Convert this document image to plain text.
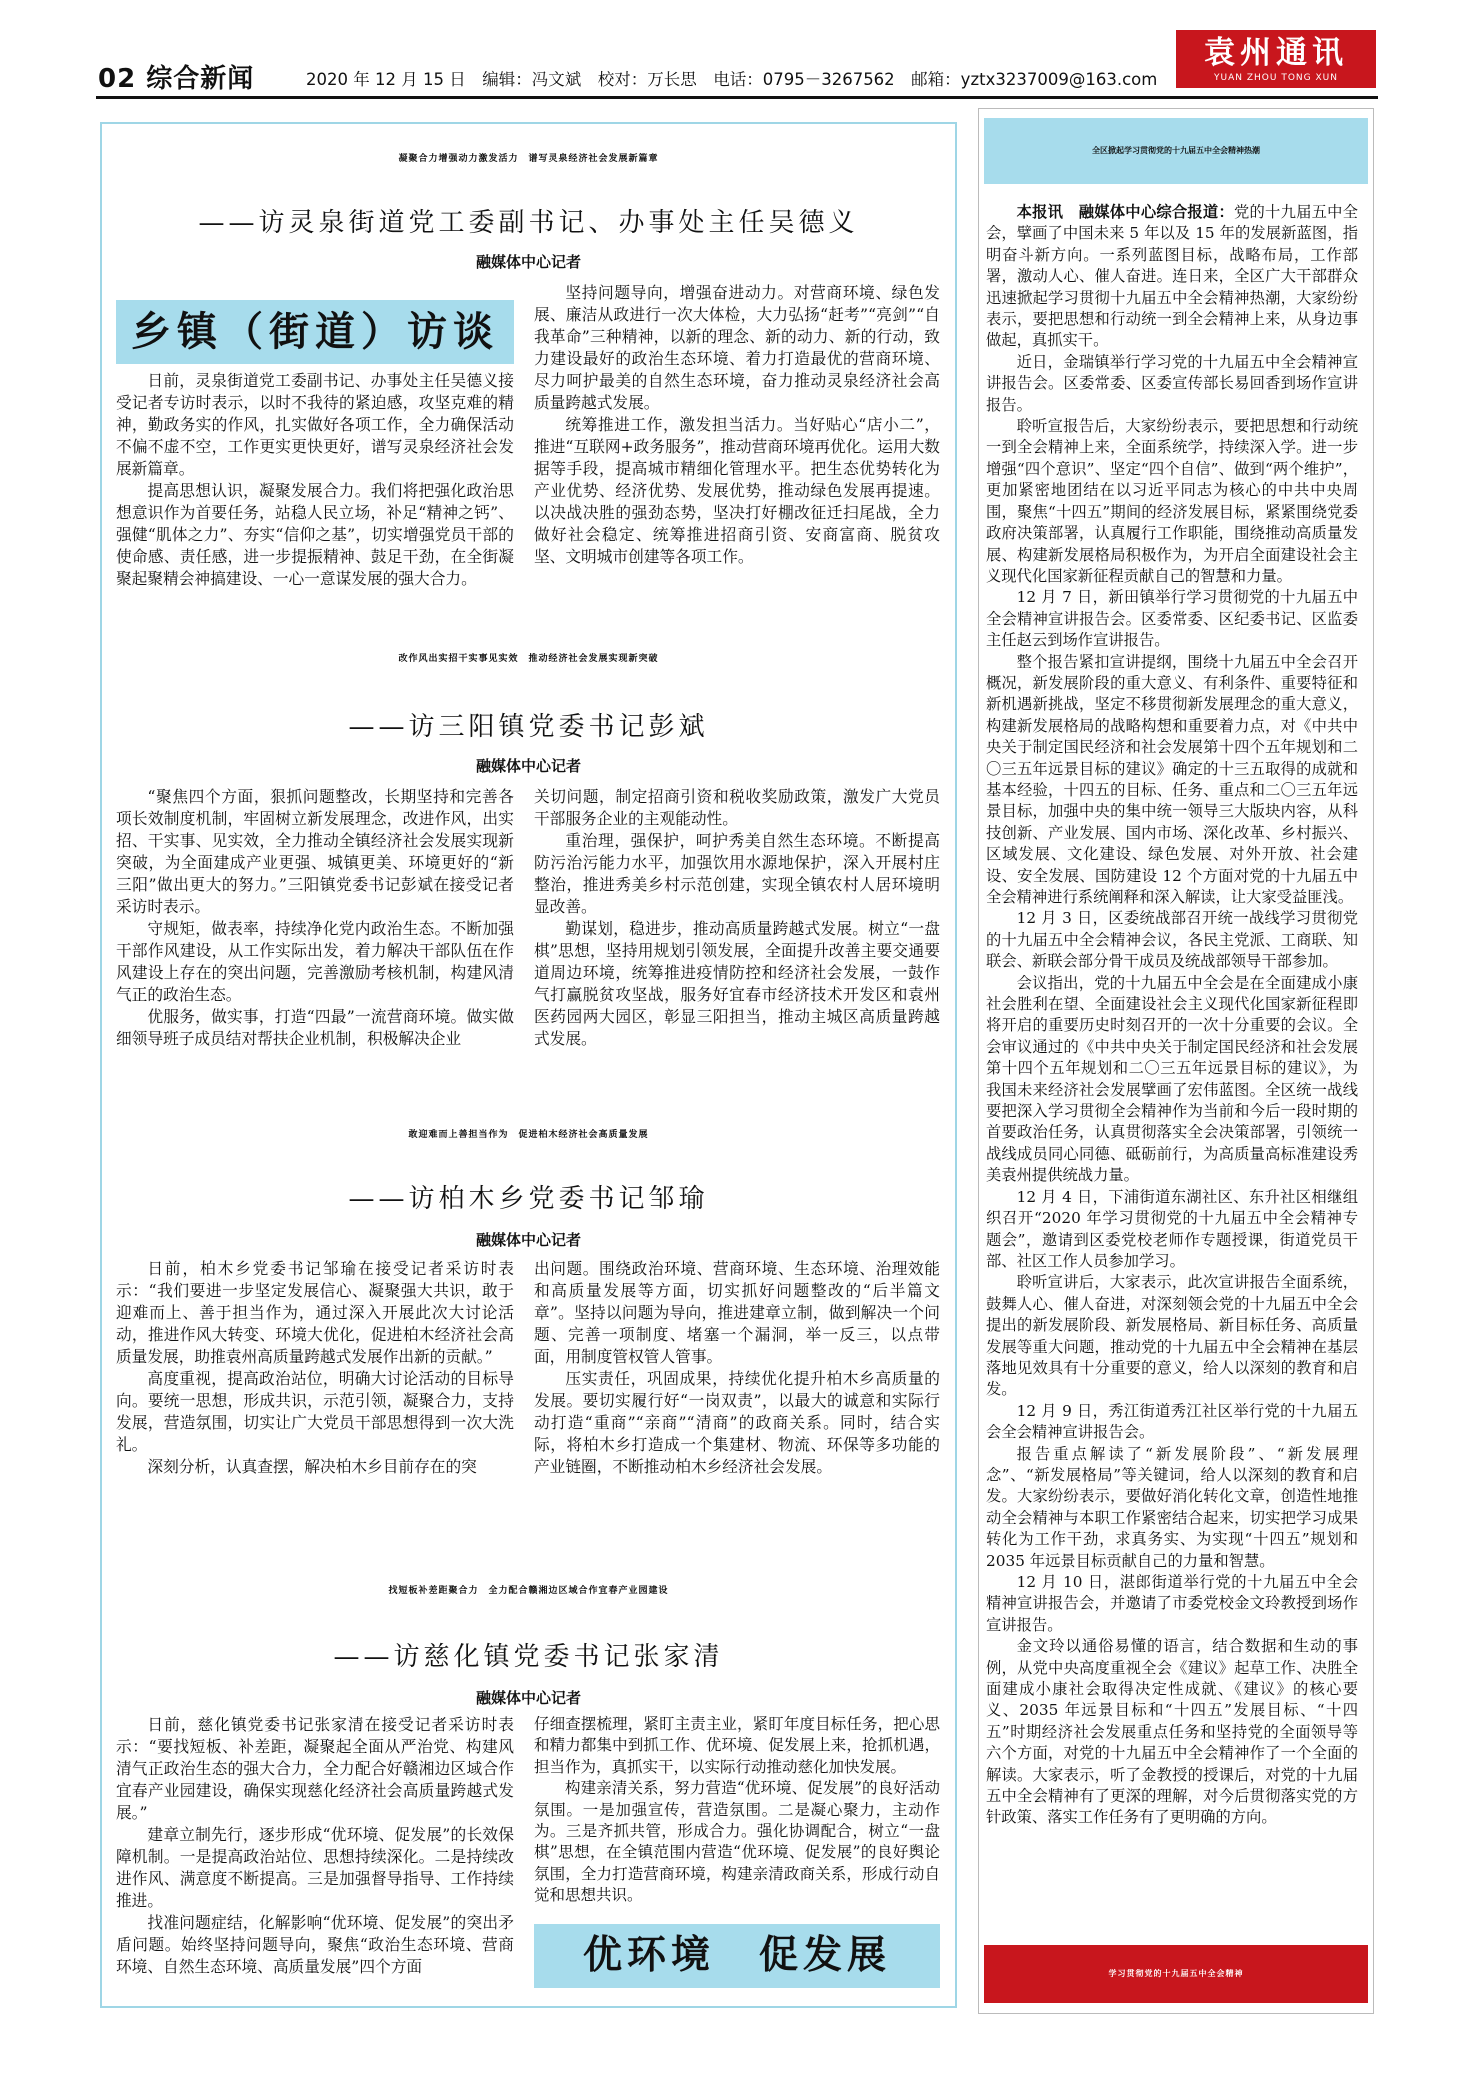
02 综合新闻	2020 年 12 月 15 日　编辑：冯文斌　校对：万长思　电话：0795－3267562　邮箱：yztx3237009@163.com
袁州通讯
YUAN ZHOU TONG XUN
凝聚合力增强动力激发活力　谱写灵泉经济社会发展新篇章
——访灵泉街道党工委副书记、办事处主任吴德义
融媒体中心记者
乡镇（街道）访谈

日前，灵泉街道党工委副书记、办事处主任吴德义接受记者专访时表示，以时不我待的紧迫感，攻坚克难的精神，勤政务实的作风，扎实做好各项工作，全力确保活动不偏不虚不空，工作更实更快更好，谱写灵泉经济社会发展新篇章。

提高思想认识，凝聚发展合力。我们将把强化政治思想意识作为首要任务，站稳人民立场，补足“精神之钙”、强健“肌体之力”、夯实“信仰之基”，切实增强党员干部的使命感、责任感，进一步提振精神、鼓足干劲，在全街凝聚起聚精会神搞建设、一心一意谋发展的强大合力。

坚持问题导向，增强奋进动力。对营商环境、绿色发展、廉洁从政进行一次大体检，大力弘扬“赶考”“亮剑”“自我革命”三种精神，以新的理念、新的动力、新的行动，致力建设最好的政治生态环境、着力打造最优的营商环境、尽力呵护最美的自然生态环境，奋力推动灵泉经济社会高质量跨越式发展。

统筹推进工作，激发担当活力。当好贴心“店小二”，推进“互联网+政务服务”，推动营商环境再优化。运用大数据等手段，提高城市精细化管理水平。把生态优势转化为产业优势、经济优势、发展优势，推动绿色发展再提速。以决战决胜的强劲态势，坚决打好棚改征迁扫尾战，全力做好社会稳定、统筹推进招商引资、安商富商、脱贫攻坚、文明城市创建等各项工作。

改作风出实招干实事见实效　推动经济社会发展实现新突破
——访三阳镇党委书记彭斌
融媒体中心记者

“聚焦四个方面，狠抓问题整改，长期坚持和完善各项长效制度机制，牢固树立新发展理念，改进作风，出实招、干实事、见实效，全力推动全镇经济社会发展实现新突破，为全面建成产业更强、城镇更美、环境更好的“新三阳”做出更大的努力。”三阳镇党委书记彭斌在接受记者采访时表示。

守规矩，做表率，持续净化党内政治生态。不断加强干部作风建设，从工作实际出发，着力解决干部队伍在作风建设上存在的突出问题，完善激励考核机制，构建风清气正的政治生态。

优服务，做实事，打造“四最”一流营商环境。做实做细领导班子成员结对帮扶企业机制，积极解决企业

关切问题，制定招商引资和税收奖励政策，激发广大党员干部服务企业的主观能动性。

重治理，强保护，呵护秀美自然生态环境。不断提高防污治污能力水平，加强饮用水源地保护，深入开展村庄整治，推进秀美乡村示范创建，实现全镇农村人居环境明显改善。

勤谋划，稳进步，推动高质量跨越式发展。树立“一盘棋”思想，坚持用规划引领发展，全面提升改善主要交通要道周边环境，统筹推进疫情防控和经济社会发展，一鼓作气打赢脱贫攻坚战，服务好宜春市经济技术开发区和袁州医药园两大园区，彰显三阳担当，推动主城区高质量跨越式发展。

敢迎难而上善担当作为　促进柏木经济社会高质量发展
——访柏木乡党委书记邹瑜
融媒体中心记者

日前，柏木乡党委书记邹瑜在接受记者采访时表示：“我们要进一步坚定发展信心、凝聚强大共识，敢于迎难而上、善于担当作为，通过深入开展此次大讨论活动，推进作风大转变、环境大优化，促进柏木经济社会高质量发展，助推袁州高质量跨越式发展作出新的贡献。”

高度重视，提高政治站位，明确大讨论活动的目标导向。要统一思想，形成共识，示范引领，凝聚合力，支持发展，营造氛围，切实让广大党员干部思想得到一次大洗礼。

深刻分析，认真查摆，解决柏木乡目前存在的突

出问题。围绕政治环境、营商环境、生态环境、治理效能和高质量发展等方面，切实抓好问题整改的“后半篇文章”。坚持以问题为导向，推进建章立制，做到解决一个问题、完善一项制度、堵塞一个漏洞，举一反三，以点带面，用制度管权管人管事。

压实责任，巩固成果，持续优化提升柏木乡高质量的发展。要切实履行好“一岗双责”，以最大的诚意和实际行动打造“重商”“亲商”“清商”的政商关系。同时，结合实际，将柏木乡打造成一个集建材、物流、环保等多功能的产业链圈，不断推动柏木乡经济社会发展。

找短板补差距聚合力　全力配合赣湘边区域合作宜春产业园建设
——访慈化镇党委书记张家清
融媒体中心记者

日前，慈化镇党委书记张家清在接受记者采访时表示：“要找短板、补差距，凝聚起全面从严治党、构建风清气正政治生态的强大合力，全力配合好赣湘边区域合作宜春产业园建设，确保实现慈化经济社会高质量跨越式发展。”

建章立制先行，逐步形成“优环境、促发展”的长效保障机制。一是提高政治站位、思想持续深化。二是持续改进作风、满意度不断提高。三是加强督导指导、工作持续推进。

找准问题症结，化解影响“优环境、促发展”的突出矛盾问题。始终坚持问题导向，聚焦“政治生态环境、营商环境、自然生态环境、高质量发展”四个方面

仔细查摆梳理，紧盯主责主业，紧盯年度目标任务，把心思和精力都集中到抓工作、优环境、促发展上来，抢抓机遇，担当作为，真抓实干，以实际行动推动慈化加快发展。

构建亲清关系，努力营造“优环境、促发展”的良好活动氛围。一是加强宣传，营造氛围。二是凝心聚力，主动作为。三是齐抓共管，形成合力。强化协调配合，树立“一盘棋”思想，在全镇范围内营造“优环境、促发展”的良好舆论氛围，全力打造营商环境，构建亲清政商关系，形成行动自觉和思想共识。

优环境　促发展
全区掀起学习贯彻党的十九届五中全会精神热潮

本报讯　融媒体中心综合报道：党的十九届五中全会，擘画了中国未来 5 年以及 15 年的发展新蓝图，指明奋斗新方向。一系列蓝图目标，战略布局，工作部署，激动人心、催人奋进。连日来，全区广大干部群众迅速掀起学习贯彻十九届五中全会精神热潮，大家纷纷表示，要把思想和行动统一到全会精神上来，从身边事做起，真抓实干。

近日，金瑞镇举行学习党的十九届五中全会精神宣讲报告会。区委常委、区委宣传部长易回香到场作宣讲报告。

聆听宣报告后，大家纷纷表示，要把思想和行动统一到全会精神上来，全面系统学，持续深入学。进一步增强“四个意识”、坚定“四个自信”、做到“两个维护”，更加紧密地团结在以习近平同志为核心的中共中央周围，聚焦“十四五”期间的经济发展目标，紧紧围绕党委政府决策部署，认真履行工作职能，围绕推动高质量发展、构建新发展格局积极作为，为开启全面建设社会主义现代化国家新征程贡献自己的智慧和力量。

12 月 7 日，新田镇举行学习贯彻党的十九届五中全会精神宣讲报告会。区委常委、区纪委书记、区监委主任赵云到场作宣讲报告。

整个报告紧扣宣讲提纲，围绕十九届五中全会召开概况，新发展阶段的重大意义、有利条件、重要特征和新机遇新挑战，坚定不移贯彻新发展理念的重大意义，构建新发展格局的战略构想和重要着力点，对《中共中央关于制定国民经济和社会发展第十四个五年规划和二〇三五年远景目标的建议》确定的十三五取得的成就和基本经验，十四五的目标、任务、重点和二〇三五年远景目标，加强中央的集中统一领导三大版块内容，从科技创新、产业发展、国内市场、深化改革、乡村振兴、区域发展、文化建设、绿色发展、对外开放、社会建设、安全发展、国防建设 12 个方面对党的十九届五中全会精神进行系统阐释和深入解读，让大家受益匪浅。

12 月 3 日，区委统战部召开统一战线学习贯彻党的十九届五中全会精神会议，各民主党派、工商联、知联会、新联会部分骨干成员及统战部领导干部参加。

会议指出，党的十九届五中全会是在全面建成小康社会胜利在望、全面建设社会主义现代化国家新征程即将开启的重要历史时刻召开的一次十分重要的会议。全会审议通过的《中共中央关于制定国民经济和社会发展第十四个五年规划和二〇三五年远景目标的建议》，为我国未来经济社会发展擘画了宏伟蓝图。全区统一战线要把深入学习贯彻全会精神作为当前和今后一段时期的首要政治任务，认真贯彻落实全会决策部署，引领统一战线成员同心同德、砥砺前行，为高质量高标准建设秀美袁州提供统战力量。

12 月 4 日，下浦街道东湖社区、东升社区相继组织召开“2020 年学习贯彻党的十九届五中全会精神专题会”，邀请到区委党校老师作专题授课，街道党员干部、社区工作人员参加学习。

聆听宣讲后，大家表示，此次宣讲报告全面系统，鼓舞人心、催人奋进，对深刻领会党的十九届五中全会提出的新发展阶段、新发展格局、新目标任务、高质量发展等重大问题，推动党的十九届五中全会精神在基层落地见效具有十分重要的意义，给人以深刻的教育和启发。

12 月 9 日，秀江街道秀江社区举行党的十九届五会全会精神宣讲报告会。

报告重点解读了“新发展阶段”、“新发展理念”、“新发展格局”等关键词，给人以深刻的教育和启发。大家纷纷表示，要做好消化转化文章，创造性地推动全会精神与本职工作紧密结合起来，切实把学习成果转化为工作干劲，求真务实、为实现“十四五”规划和 2035 年远景目标贡献自己的力量和智慧。

12 月 10 日，湛郎街道举行党的十九届五中全会精神宣讲报告会，并邀请了市委党校金文玲教授到场作宣讲报告。

金文玲以通俗易懂的语言，结合数据和生动的事例，从党中央高度重视全会《建议》起草工作、决胜全面建成小康社会取得决定性成就、《建议》的核心要义、2035 年远景目标和“十四五”发展目标、“十四五”时期经济社会发展重点任务和坚持党的全面领导等六个方面，对党的十九届五中全会精神作了一个全面的解读。大家表示，听了金教授的授课后，对党的十九届五中全会精神有了更深的理解，对今后贯彻落实党的方针政策、落实工作任务有了更明确的方向。

学习贯彻党的十九届五中全会精神
